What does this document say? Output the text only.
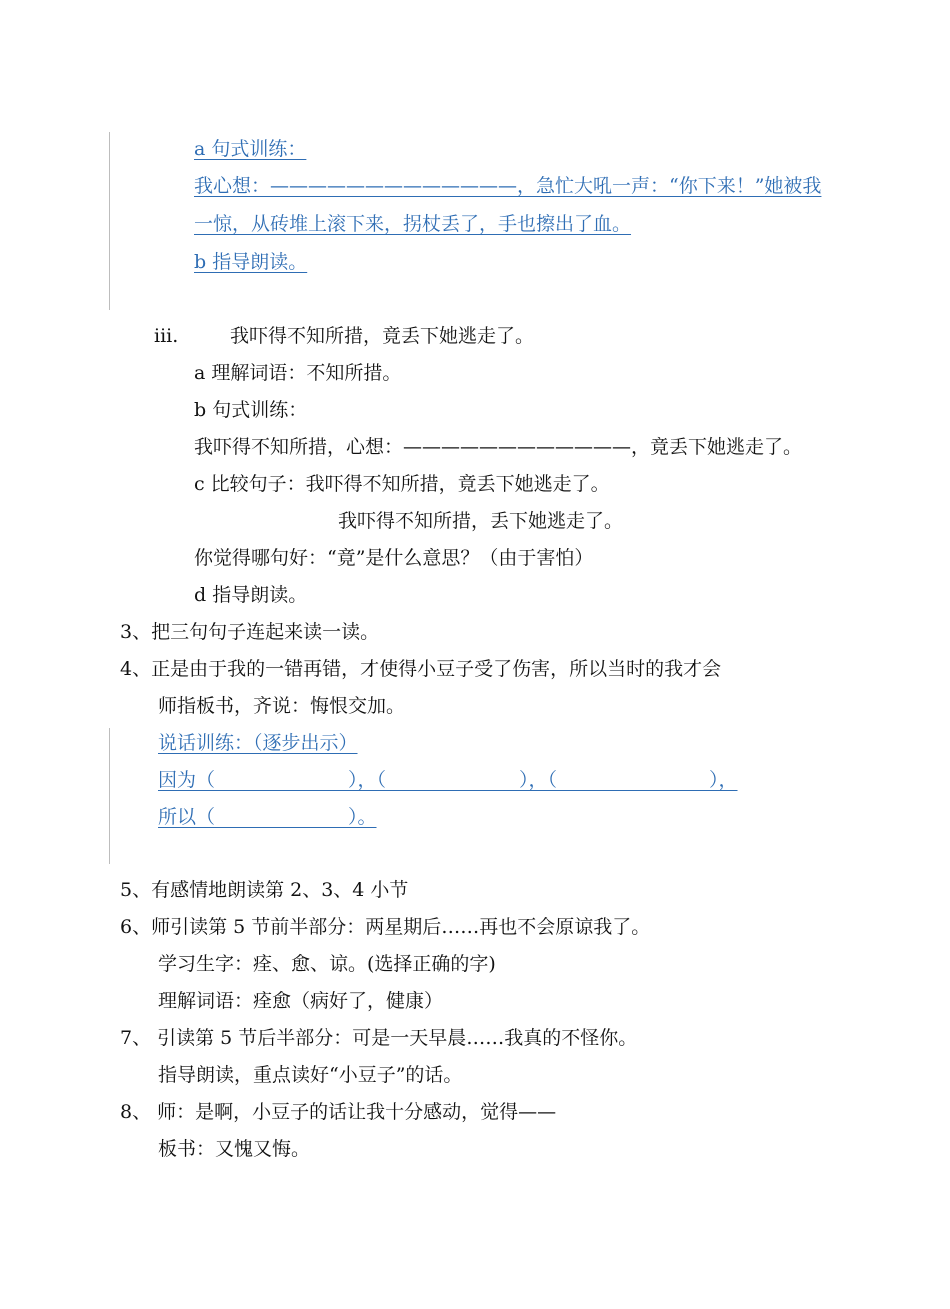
a 句式训练：
我心想：—————————————，急忙大吼一声：“你下来！”她被我
一惊，从砖堆上滚下来，拐杖丢了，手也擦出了血。
b 指导朗读。
iii.	我吓得不知所措，竟丢下她逃走了。
a 理解词语：不知所措。
b 句式训练：
我吓得不知所措，心想：————————————，竟丢下她逃走了。
c 比较句子：我吓得不知所措，竟丢下她逃走了。
我吓得不知所措，丢下她逃走了。
你觉得哪句好：“竟”是什么意思？（由于害怕）
d 指导朗读。
3、把三句句子连起来读一读。
4、正是由于我的一错再错，才使得小豆子受了伤害，所以当时的我才会
师指板书，齐说：悔恨交加。
说话训练：（逐步出示）
因为（　　　　　　　），（　　　　　　　），（　　　　　　　　），
所以（　　　　　　　）。
5、有感情地朗读第 2、3、4 小节
6、师引读第 5 节前半部分：两星期后……再也不会原谅我了。
学习生字：痊、愈、谅。(选择正确的字)
理解词语：痊愈（病好了，健康）
7、 引读第 5 节后半部分：可是一天早晨……我真的不怪你。
指导朗读，重点读好“小豆子”的话。
8、 师：是啊，小豆子的话让我十分感动，觉得——
板书：又愧又悔。
